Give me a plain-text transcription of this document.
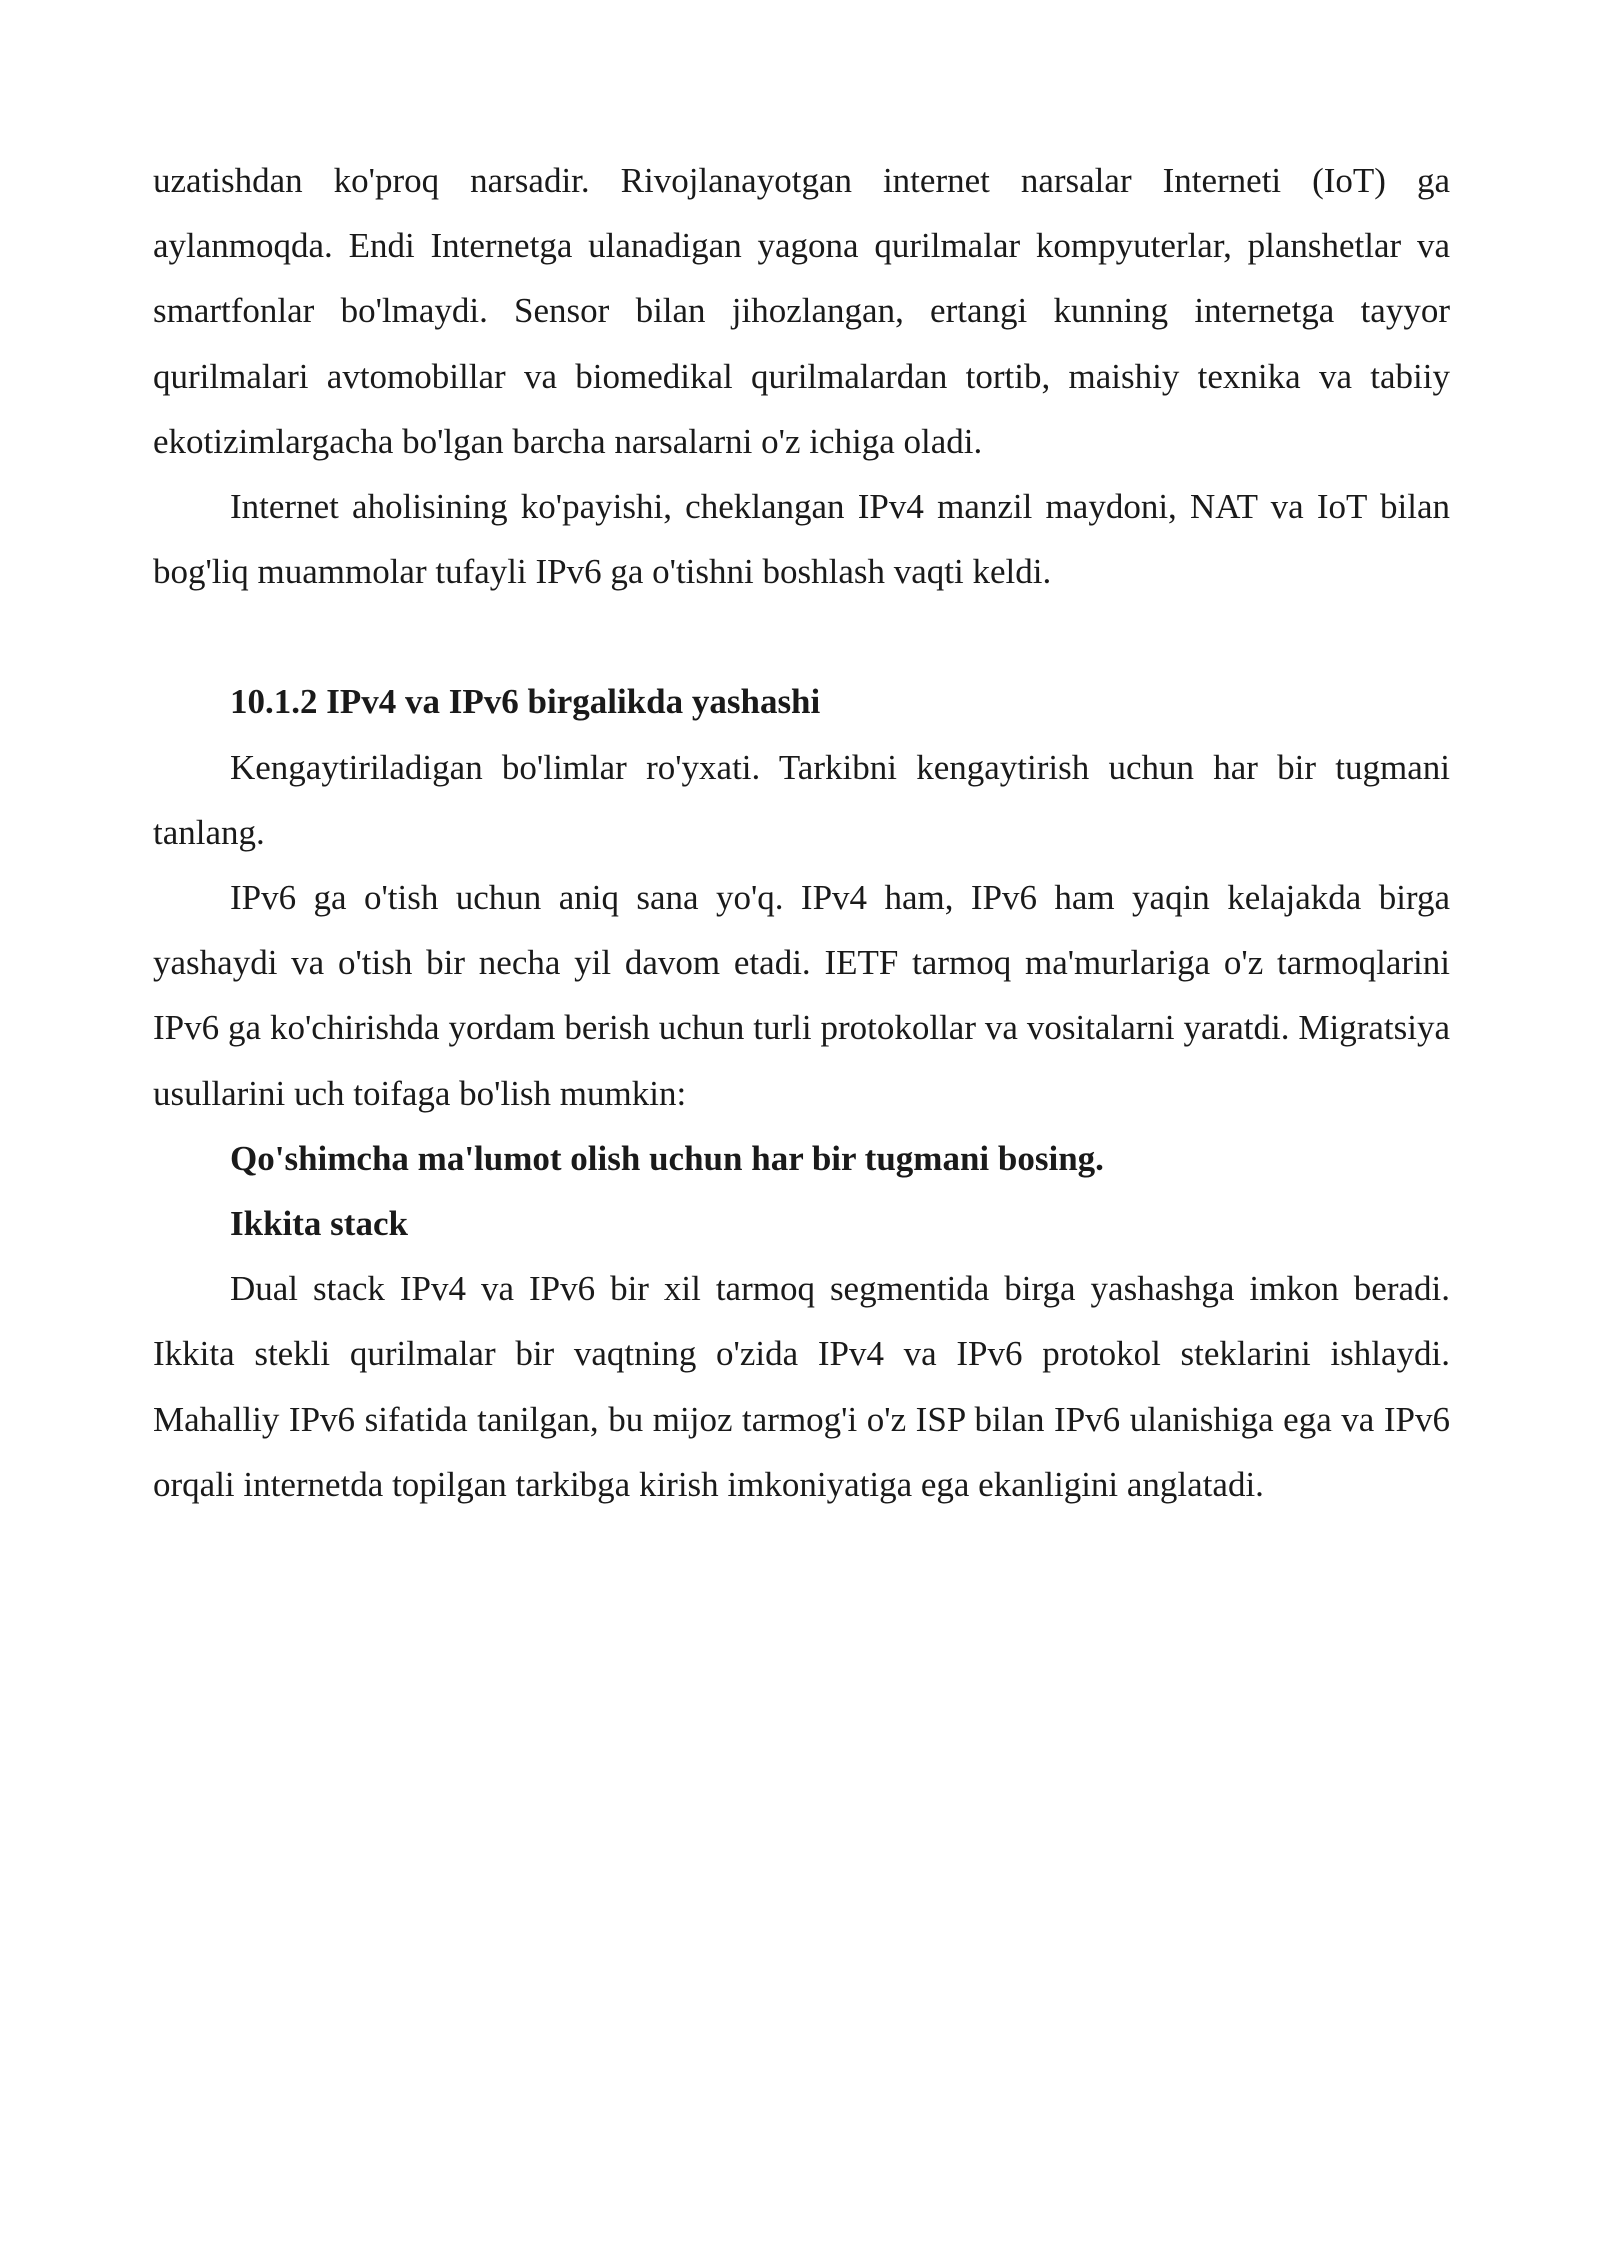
uzatishdan ko'proq narsadir. Rivojlanayotgan internet narsalar Interneti (IoT) ga aylanmoqda. Endi Internetga ulanadigan yagona qurilmalar kompyuterlar, planshetlar va smartfonlar bo'lmaydi. Sensor bilan jihozlangan, ertangi kunning internetga tayyor qurilmalari avtomobillar va biomedikal qurilmalardan tortib, maishiy texnika va tabiiy ekotizimlargacha bo'lgan barcha narsalarni o'z ichiga oladi.

Internet aholisining ko'payishi, cheklangan IPv4 manzil maydoni, NAT va IoT bilan bog'liq muammolar tufayli IPv6 ga o'tishni boshlash vaqti keldi.

10.1.2 IPv4 va IPv6 birgalikda yashashi

Kengaytiriladigan bo'limlar ro'yxati. Tarkibni kengaytirish uchun har bir tugmani tanlang.

IPv6 ga o'tish uchun aniq sana yo'q. IPv4 ham, IPv6 ham yaqin kelajakda birga yashaydi va o'tish bir necha yil davom etadi. IETF tarmoq ma'murlariga o'z tarmoqlarini IPv6 ga ko'chirishda yordam berish uchun turli protokollar va vositalarni yaratdi. Migratsiya usullarini uch toifaga bo'lish mumkin:

Qo'shimcha ma'lumot olish uchun har bir tugmani bosing.

Ikkita stack

Dual stack IPv4 va IPv6 bir xil tarmoq segmentida birga yashashga imkon beradi. Ikkita stekli qurilmalar bir vaqtning o'zida IPv4 va IPv6 protokol steklarini ishlaydi. Mahalliy IPv6 sifatida tanilgan, bu mijoz tarmog'i o'z ISP bilan IPv6 ulanishiga ega va IPv6 orqali internetda topilgan tarkibga kirish imkoniyatiga ega ekanligini anglatadi.
